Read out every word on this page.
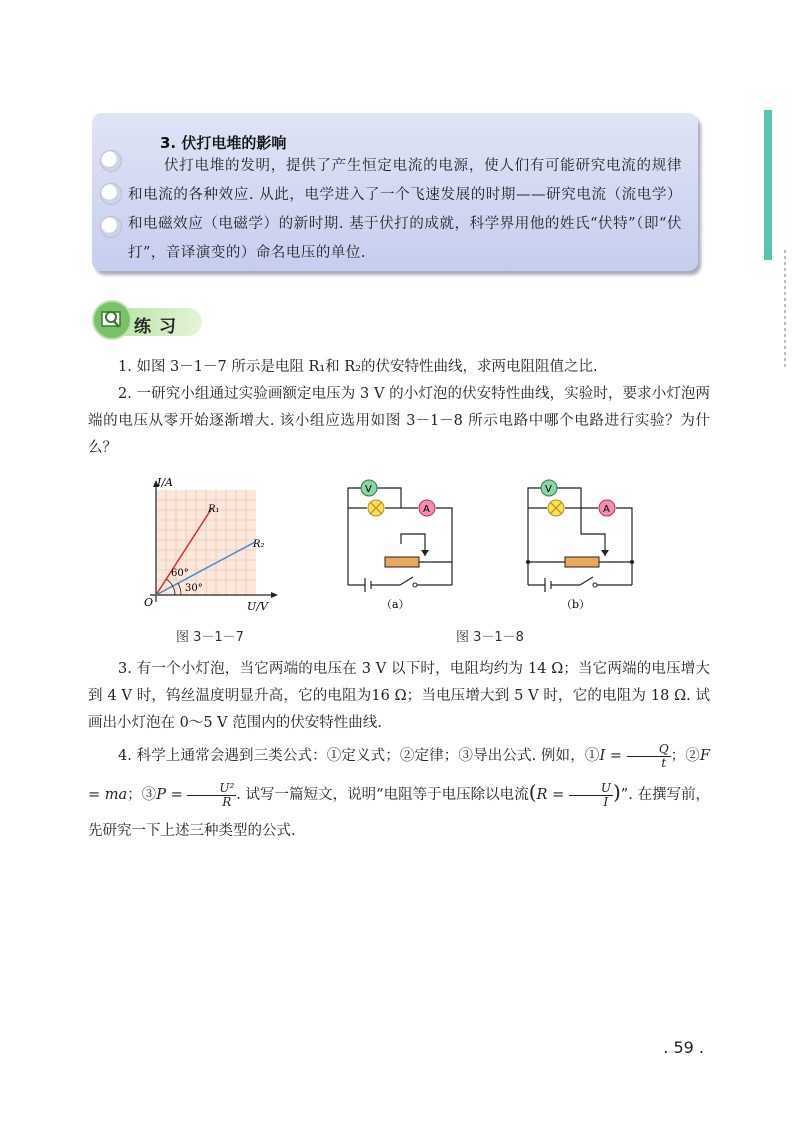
3. 伏打电堆的影响
伏打电堆的发明，提供了产生恒定电流的电源，使人们有可能研究电流的规律和电流的各种效应. 从此，电学进入了一个飞速发展的时期——研究电流（流电学）和电磁效应（电磁学）的新时期. 基于伏打的成就，科学界用他的姓氏“伏特”（即“伏打”，音译演变的）命名电压的单位.
练习
1. 如图 3－1－7 所示是电阻 R₁和 R₂的伏安特性曲线，求两电阻阻值之比.
2. 一研究小组通过实验画额定电压为 3 V 的小灯泡的伏安特性曲线，实验时，要求小灯泡两端的电压从零开始逐渐增大. 该小组应选用如图 3－1－8 所示电路中哪个电路进行实验？为什么？
I/A
U/V
O
R₁
R₂
60°
30°
图 3－1－7
V
A
（a）
V
A
（b）
图 3－1－8
3. 有一个小灯泡，当它两端的电压在 3 V 以下时，电阻均约为 14 Ω；当它两端的电压增大到 4 V 时，钨丝温度明显升高，它的电阻为16 Ω；当电压增大到 5 V 时，它的电阻为 18 Ω. 试画出小灯泡在 0～5 V 范围内的伏安特性曲线.
4. 科学上通常会遇到三类公式：①定义式；②定律；③导出公式. 例如，①I = $\frac{Q}{t}$ ；②F = ma；③P = $\frac{\text{U²}}{R}$ . 试写一篇短文，说明“电阻等于电压除以电流($R = \frac{U}{I}$ )”. 在撰写前，先研究一下上述三种类型的公式.
. 59 .
